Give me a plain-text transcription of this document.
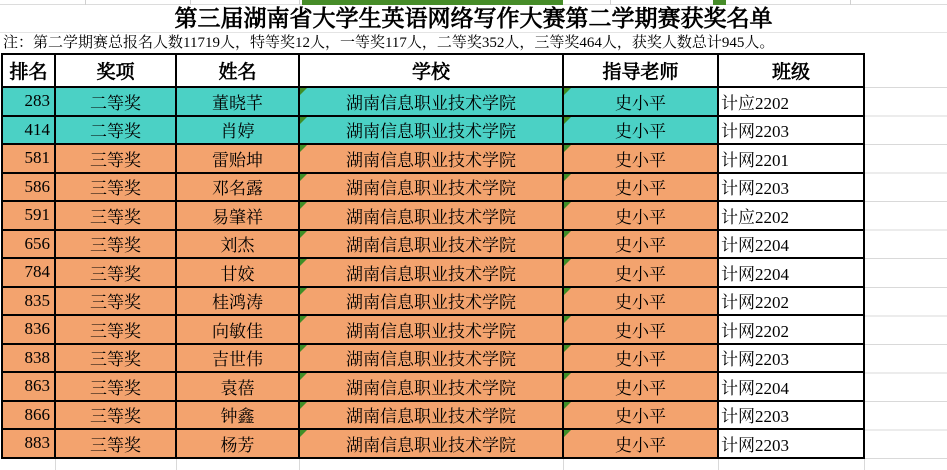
第三届湖南省大学生英语网络写作大赛第二学期赛获奖名单
注：第二学期赛总报名人数11719人，特等奖12人，一等奖117人，二等奖352人，三等奖464人，获奖人数总计945人。
排名	奖项	姓名	学校	指导老师	班级
283	二等奖	董晓芊	湖南信息职业技术学院	史小平	计应2202
414	二等奖	肖婷	湖南信息职业技术学院	史小平	计网2203
581	三等奖	雷贻坤	湖南信息职业技术学院	史小平	计网2201
586	三等奖	邓名露	湖南信息职业技术学院	史小平	计网2203
591	三等奖	易肇祥	湖南信息职业技术学院	史小平	计应2202
656	三等奖	刘杰	湖南信息职业技术学院	史小平	计网2204
784	三等奖	甘姣	湖南信息职业技术学院	史小平	计网2204
835	三等奖	桂鸿涛	湖南信息职业技术学院	史小平	计网2202
836	三等奖	向敏佳	湖南信息职业技术学院	史小平	计网2202
838	三等奖	吉世伟	湖南信息职业技术学院	史小平	计网2203
863	三等奖	袁蓓	湖南信息职业技术学院	史小平	计网2204
866	三等奖	钟鑫	湖南信息职业技术学院	史小平	计网2203
883	三等奖	杨芳	湖南信息职业技术学院	史小平	计网2203
